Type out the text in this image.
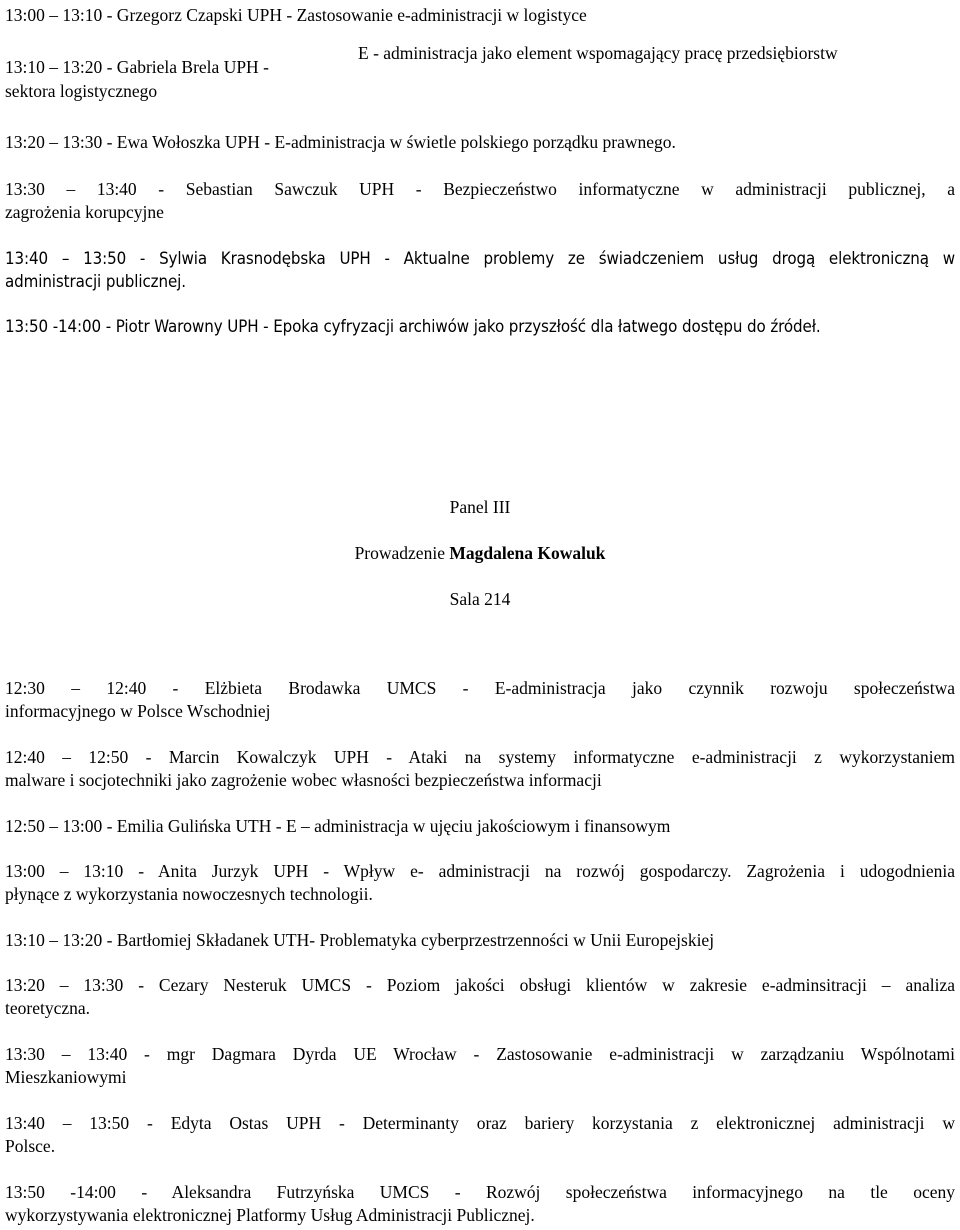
13:00 – 13:10 - Grzegorz Czapski UPH - Zastosowanie e-administracji w logistyce
13:10 – 13:20 - Gabriela Brela UPH -
E - administracja jako element wspomagający pracę przedsiębiorstw
sektora logistycznego
13:20 – 13:30 - Ewa Wołoszka UPH - E-administracja w świetle polskiego porządku prawnego.
13:30 – 13:40 - Sebastian Sawczuk UPH - Bezpieczeństwo informatyczne w administracji publicznej, a
zagrożenia korupcyjne
13:40 – 13:50 - Sylwia Krasnodębska UPH - Aktualne problemy ze świadczeniem usług drogą elektroniczną w
administracji publicznej.
13:50 -14:00 - Piotr Warowny UPH - Epoka cyfryzacji archiwów jako przyszłość dla łatwego dostępu do źródeł.
Panel III
Prowadzenie Magdalena Kowaluk
Sala 214
12:30 – 12:40 - Elżbieta Brodawka UMCS - E-administracja jako czynnik rozwoju społeczeństwa
informacyjnego w Polsce Wschodniej
12:40 – 12:50 - Marcin Kowalczyk UPH - Ataki na systemy informatyczne e-administracji z wykorzystaniem
malware i socjotechniki jako zagrożenie wobec własności bezpieczeństwa informacji
12:50 – 13:00 - Emilia Gulińska UTH - E – administracja w ujęciu jakościowym i finansowym
13:00 – 13:10 - Anita Jurzyk UPH - Wpływ e- administracji na rozwój gospodarczy. Zagrożenia i udogodnienia
płynące z wykorzystania nowoczesnych technologii.
13:10 – 13:20 - Bartłomiej Składanek UTH- Problematyka cyberprzestrzenności w Unii Europejskiej
13:20 – 13:30 - Cezary Nesteruk UMCS - Poziom jakości obsługi klientów w zakresie e-adminsitracji – analiza
teoretyczna.
13:30 – 13:40 - mgr Dagmara Dyrda UE Wrocław - Zastosowanie e-administracji w zarządzaniu Wspólnotami
Mieszkaniowymi
13:40 – 13:50 - Edyta Ostas UPH - Determinanty oraz bariery korzystania z elektronicznej administracji w
Polsce.
13:50 -14:00 - Aleksandra Futrzyńska UMCS - Rozwój społeczeństwa informacyjnego na tle oceny
wykorzystywania elektronicznej Platformy Usług Administracji Publicznej.
